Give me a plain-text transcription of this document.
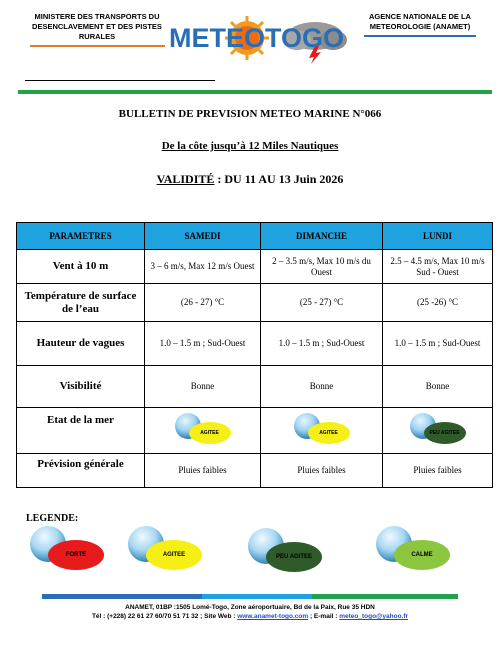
MINISTERE DES TRANSPORTS DU
DESENCLAVEMENT ET DES PISTES RURALES	METEOTOGO
AGENCE NATIONALE DE LA
METEOROLOGIE (ANAMET)
BULLETIN DE PREVISION METEO MARINE N°066
De la côte jusqu’à 12 Miles Nautiques
VALIDITÉ : DU 11 AU 13 Juin 2026
PARAMETRES	SAMEDI	DIMANCHE	LUNDI
Vent à 10 m	3 – 6 m/s, Max 12 m/s Ouest	2 – 3.5 m/s, Max 10 m/s du Ouest	2.5 – 4.5 m/s, Max 10 m/s Sud - Ouest
Température de surface de l’eau	(26 - 27) °C	(25 - 27) °C	(25 -26) °C
Hauteur de vagues	1.0 – 1.5 m ; Sud-Ouest	1.0 – 1.5 m ; Sud-Ouest	1.0 – 1.5 m ; Sud-Ouest
Visibilité	Bonne	Bonne	Bonne
Etat de la mer	AGITEE	AGITEE	PEU AGITEE

Prévision générale	Pluies faibles	Pluies faibles	Pluies faibles
LEGENDE:
FORTE	AGITEE	PEU AGITEE	CALME
ANAMET, 01BP :1505 Lomé-Togo, Zone aéroportuaire, Bd de la Paix, Rue 35 HDN
Tél : (+228) 22 61 27 60/70 51 71 32 ; Site Web : www.anamet-togo.com ; E-mail : meteo_togo@yahoo.fr
